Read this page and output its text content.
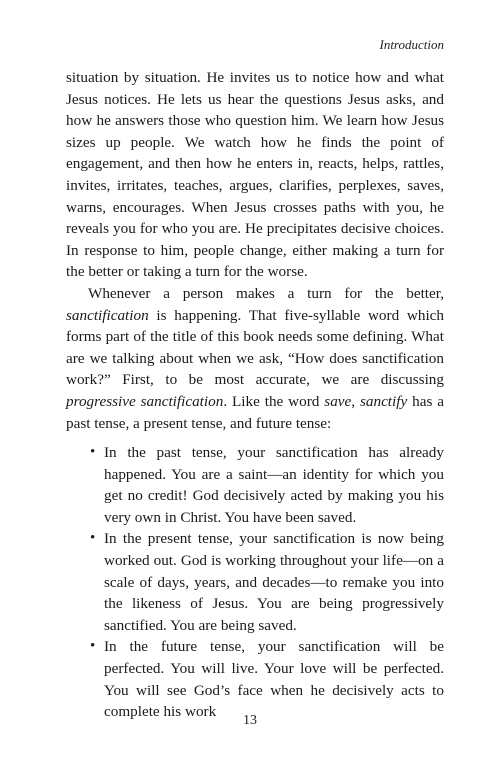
Introduction

situation by situation. He invites us to notice how and what Jesus notices. He lets us hear the questions Jesus asks, and how he answers those who question him. We learn how Jesus sizes up people. We watch how he finds the point of engagement, and then how he enters in, reacts, helps, rattles, invites, irritates, teaches, argues, clarifies, perplexes, saves, warns, encourages. When Jesus crosses paths with you, he reveals you for who you are. He precipitates decisive choices. In response to him, people change, either making a turn for the better or taking a turn for the worse.

Whenever a person makes a turn for the better, sanctification is happening. That five-syllable word which forms part of the title of this book needs some defining. What are we talking about when we ask, “How does sanctification work?” First, to be most accurate, we are discussing progressive sanctification. Like the word save, sanctify has a past tense, a present tense, and future tense:

• In the past tense, your sanctification has already happened. You are a saint—an identity for which you get no credit! God decisively acted by making you his very own in Christ. You have been saved.
• In the present tense, your sanctification is now being worked out. God is working throughout your life—on a scale of days, years, and decades—to remake you into the likeness of Jesus. You are being progressively sanctified. You are being saved.
• In the future tense, your sanctification will be perfected. You will live. Your love will be perfected. You will see God’s face when he decisively acts to complete his work
13
